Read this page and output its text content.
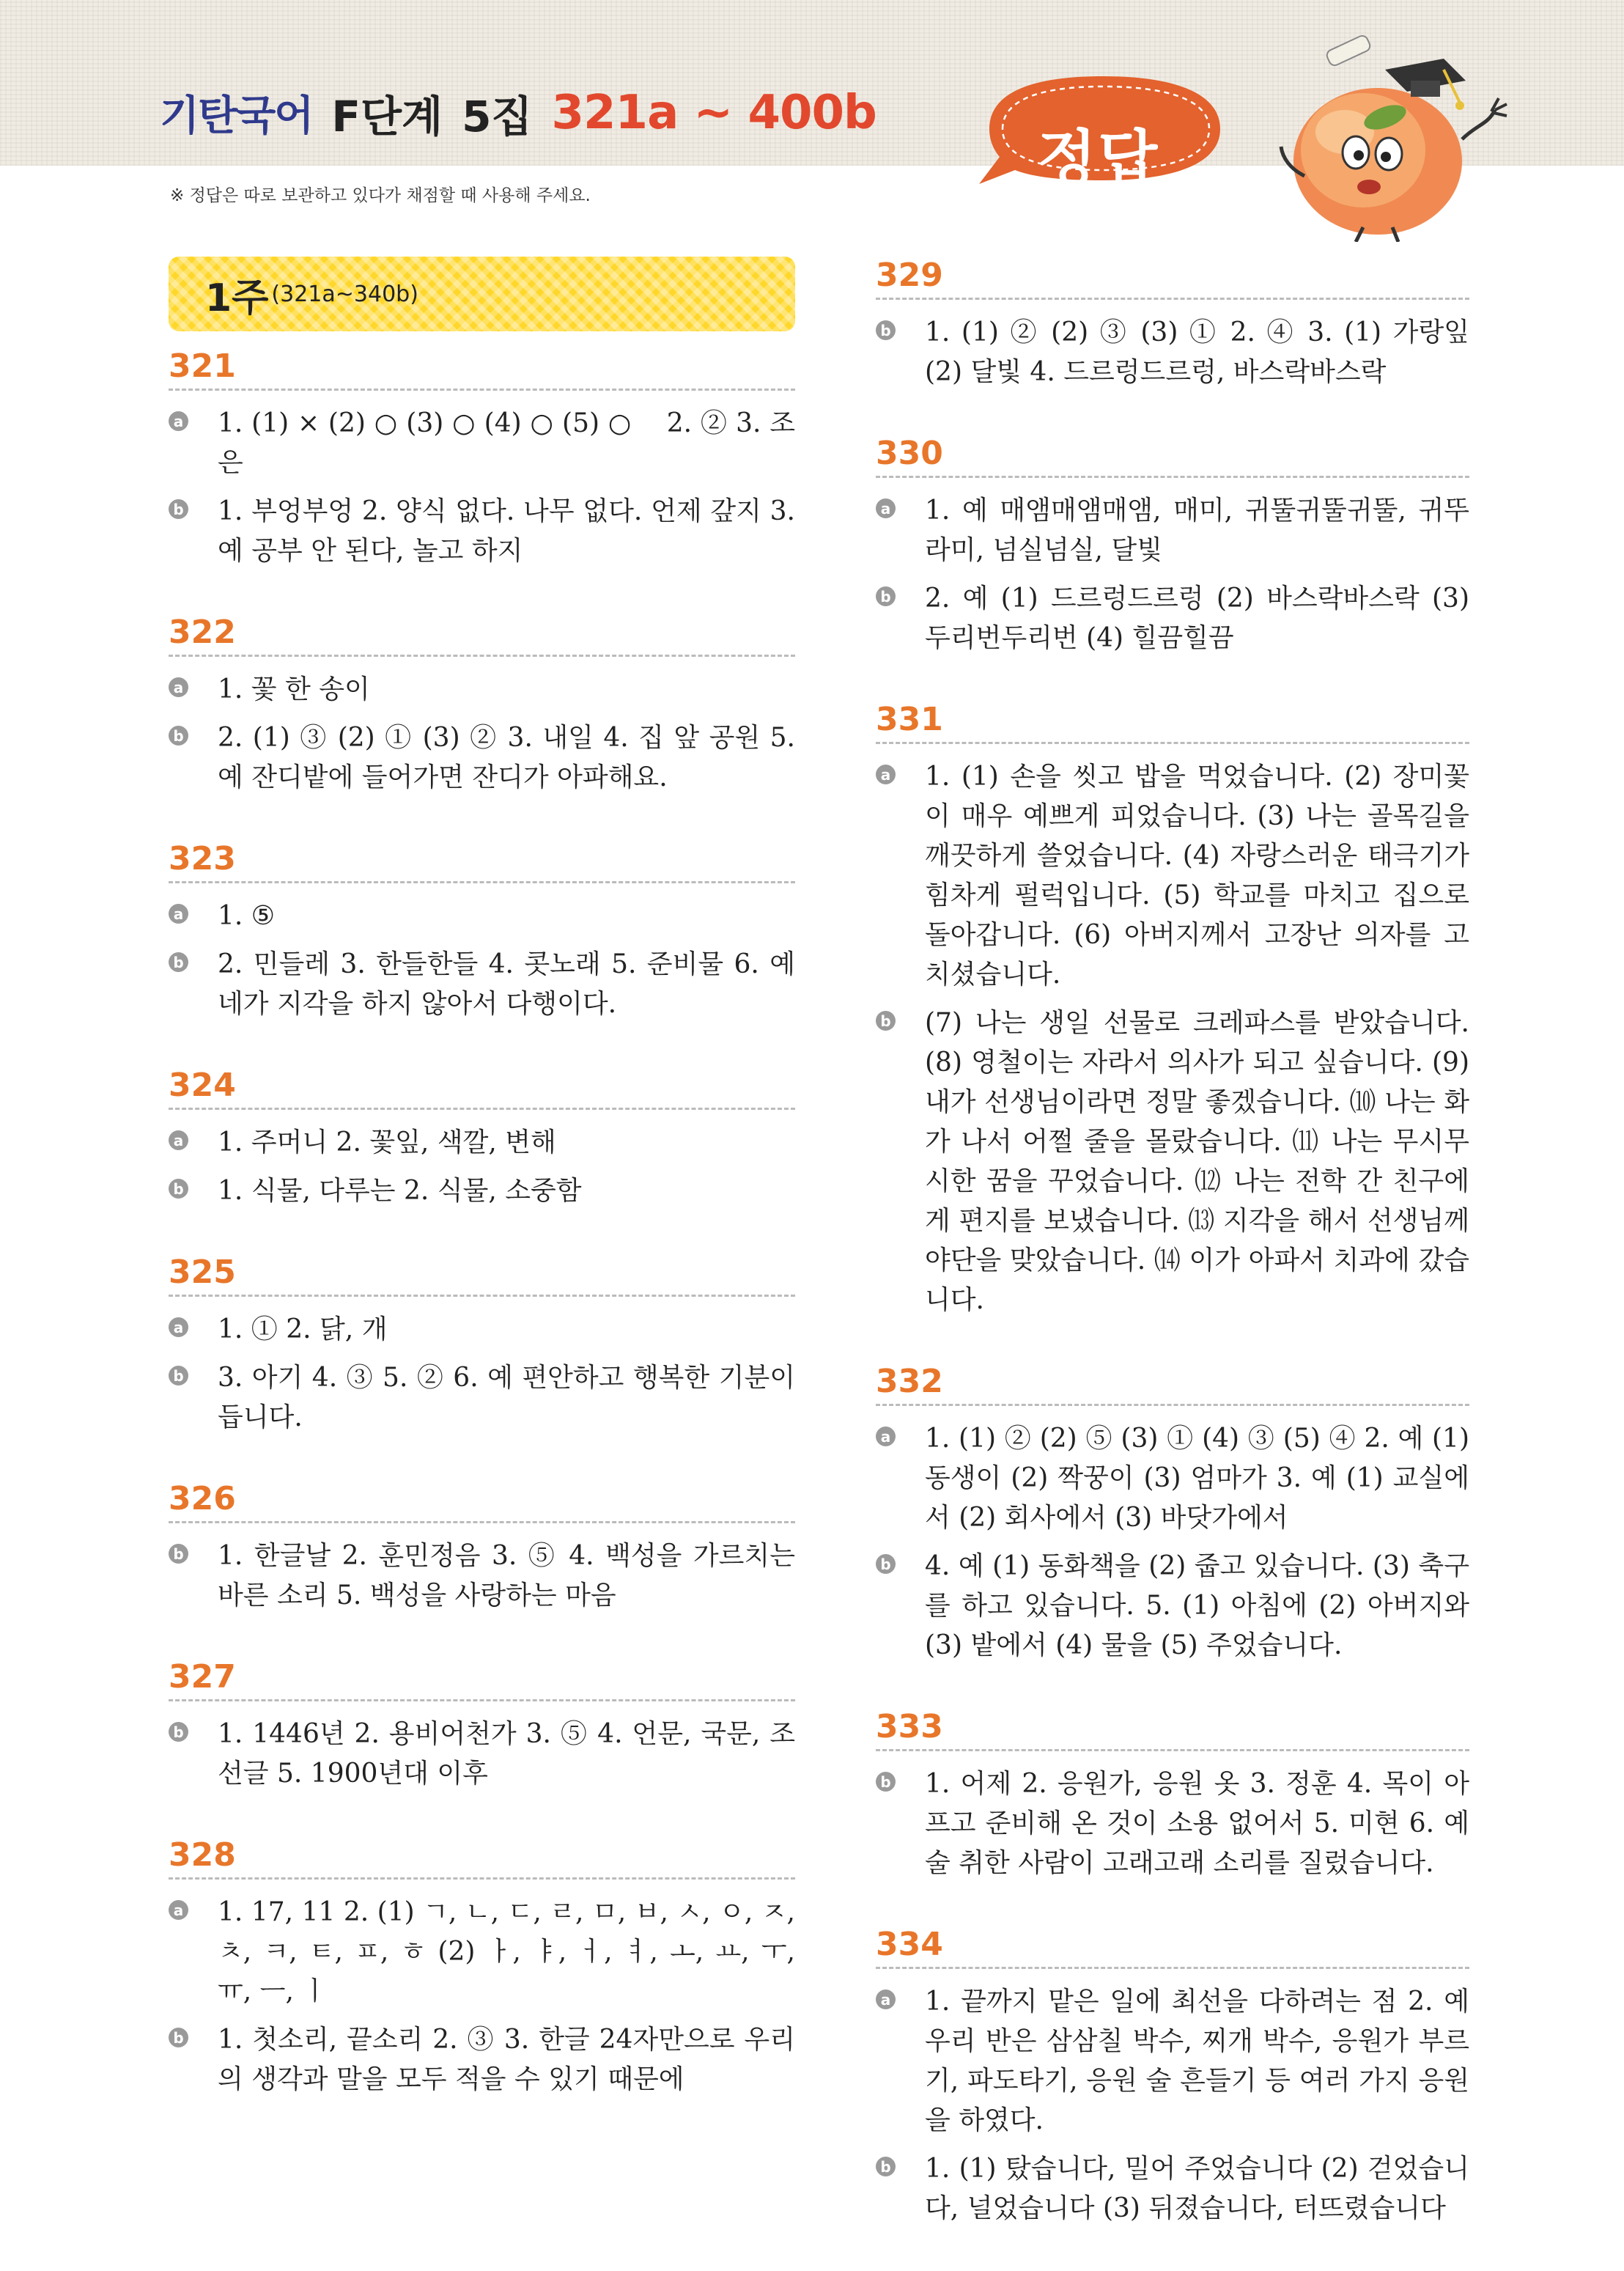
기탄국어 F단계 5집 321a ~ 400b
※ 정답은 따로 보관하고 있다가 채점할 때 사용해 주세요.
정답
1주 (321a~340b)
321
a 1. (1) × (2) ○ (3) ○ (4) ○ (5) ○　 2. ② 3. 조은
b 1. 부엉부엉 2. 양식 없다. 나무 없다. 언제 갚지 3. 예 공부 안 된다, 놀고 하지
322
a 1. 꽃 한 송이
b 2. (1) ③ (2) ① (3) ② 3. 내일 4. 집 앞 공원 5. 예 잔디밭에 들어가면 잔디가 아파해요.
323
a 1. ⑤
b 2. 민들레 3. 한들한들 4. 콧노래 5. 준비물 6. 예 네가 지각을 하지 않아서 다행이다.
324
a 1. 주머니 2. 꽃잎, 색깔, 변해
b 1. 식물, 다루는 2. 식물, 소중함
325
a 1. ① 2. 닭, 개
b 3. 아기 4. ③ 5. ② 6. 예 편안하고 행복한 기분이 듭니다.
326
b 1. 한글날 2. 훈민정음 3. ⑤ 4. 백성을 가르치는 바른 소리 5. 백성을 사랑하는 마음
327
b 1. 1446년 2. 용비어천가 3. ⑤ 4. 언문, 국문, 조선글 5. 1900년대 이후
328
a 1. 17, 11 2. (1) ㄱ, ㄴ, ㄷ, ㄹ, ㅁ, ㅂ, ㅅ, ㅇ, ㅈ, ㅊ, ㅋ, ㅌ, ㅍ, ㅎ (2) ㅏ, ㅑ, ㅓ, ㅕ, ㅗ, ㅛ, ㅜ, ㅠ, ㅡ, ㅣ
b 1. 첫소리, 끝소리 2. ③ 3. 한글 24자만으로 우리의 생각과 말을 모두 적을 수 있기 때문에
329
b 1. (1) ② (2) ③ (3) ① 2. ④ 3. (1) 가랑잎 (2) 달빛 4. 드르렁드르렁, 바스락바스락
330
a 1. 예 매앰매앰매앰, 매미, 귀뚤귀뚤귀뚤, 귀뚜라미, 넘실넘실, 달빛
b 2. 예 (1) 드르렁드르렁 (2) 바스락바스락 (3) 두리번두리번 (4) 힐끔힐끔
331
a 1. (1) 손을 씻고 밥을 먹었습니다. (2) 장미꽃이 매우 예쁘게 피었습니다. (3) 나는 골목길을 깨끗하게 쓸었습니다. (4) 자랑스러운 태극기가 힘차게 펄럭입니다. (5) 학교를 마치고 집으로 돌아갑니다. (6) 아버지께서 고장난 의자를 고치셨습니다.
b (7) 나는 생일 선물로 크레파스를 받았습니다. (8) 영철이는 자라서 의사가 되고 싶습니다. (9) 내가 선생님이라면 정말 좋겠습니다. ⑽ 나는 화가 나서 어쩔 줄을 몰랐습니다. ⑾ 나는 무시무시한 꿈을 꾸었습니다. ⑿ 나는 전학 간 친구에게 편지를 보냈습니다. ⒀ 지각을 해서 선생님께 야단을 맞았습니다. ⒁ 이가 아파서 치과에 갔습니다.
332
a 1. (1) ② (2) ⑤ (3) ① (4) ③ (5) ④ 2. 예 (1) 동생이 (2) 짝꿍이 (3) 엄마가 3. 예 (1) 교실에서 (2) 회사에서 (3) 바닷가에서
b 4. 예 (1) 동화책을 (2) 줍고 있습니다. (3) 축구를 하고 있습니다. 5. (1) 아침에 (2) 아버지와 (3) 밭에서 (4) 물을 (5) 주었습니다.
333
b 1. 어제 2. 응원가, 응원 옷 3. 정훈 4. 목이 아프고 준비해 온 것이 소용 없어서 5. 미현 6. 예 술 취한 사람이 고래고래 소리를 질렀습니다.
334
a 1. 끝까지 맡은 일에 최선을 다하려는 점 2. 예 우리 반은 삼삼칠 박수, 찌개 박수, 응원가 부르기, 파도타기, 응원 술 흔들기 등 여러 가지 응원을 하였다.
b 1. (1) 탔습니다, 밀어 주었습니다 (2) 걷었습니다, 널었습니다 (3) 뒤졌습니다, 터뜨렸습니다
